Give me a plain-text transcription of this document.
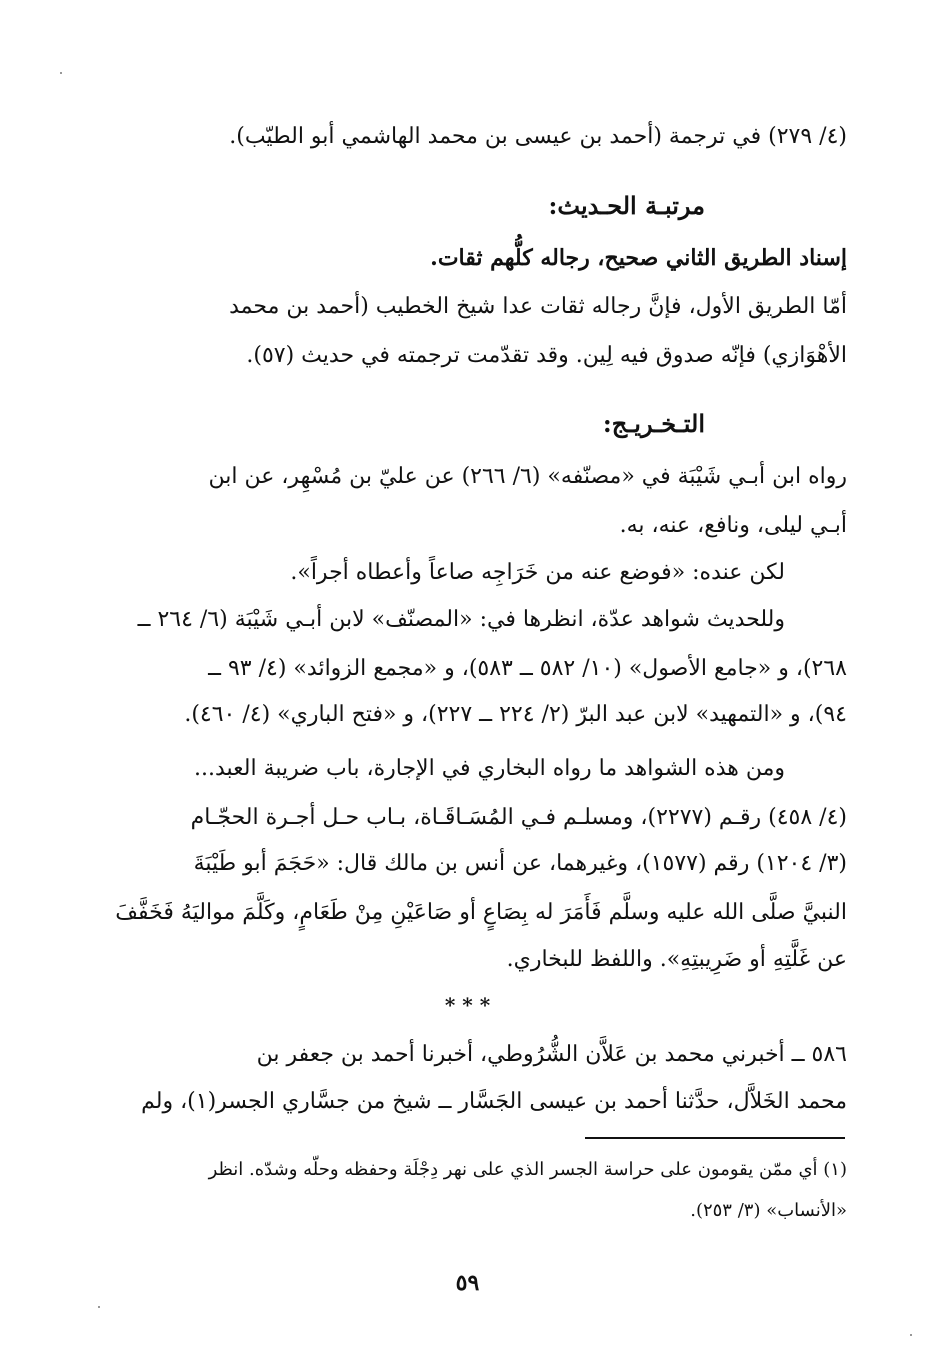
(٤/ ٢٧٩) في ترجمة (أحمد بن عيسى بن محمد الهاشمي أبو الطيّب).
مرتبـة الحـديث:
إسناد الطريق الثاني صحيح، رجاله كلُّهم ثقات.
أمّا الطريق الأول، فإنَّ رجاله ثقات عدا شيخ الخطيب (أحمد بن محمد
الأهْوَازي) فإنّه صدوق فيه لِين. وقد تقدّمت ترجمته في حديث (٥٧).
التـخـريـج:
رواه ابن أبـي شَيْبَة في «مصنّفه» (٦/ ٢٦٦) عن عليّ بن مُسْهِر، عن ابن
أبـي ليلى، ونافع، عنه، به.
لكن عنده: «فوضع عنه من خَرَاجِه صاعاً وأعطاه أجراً».
وللحديث شواهد عدّة، انظرها في: «المصنّف» لابن أبـي شَيْبَة (٦/ ٢٦٤ ــ
٢٦٨)، و «جامع الأصول» (١٠/ ٥٨٢ ــ ٥٨٣)، و «مجمع الزوائد» (٤/ ٩٣ ــ
٩٤)، و «التمهيد» لابن عبد البرّ (٢/ ٢٢٤ ــ ٢٢٧)، و «فتح الباري» (٤/ ٤٦٠).
ومن هذه الشواهد ما رواه البخاري في الإجارة، باب ضريبة العبد...
(٤/ ٤٥٨) رقـم (٢٢٧٧)، ومسلـم فـي المُسَـاقَـاة، بـاب حـل أجـرة الحجّـام
(٣/ ١٢٠٤) رقم (١٥٧٧)، وغيرهما، عن أنس بن مالك قال: «حَجَمَ أبو طَيْبَةَ
النبيَّ صلَّى الله عليه وسلَّم فَأَمَرَ له بِصَاعٍ أو صَاعَيْنِ مِنْ طَعَامٍ، وكَلَّمَ مواليَهُ فَخَفَّفَ
عن غَلَّتِهِ أو ضَرِيبتِهِ». واللفظ للبخاري.
* * *
٥٨٦ ــ أخبرني محمد بن عَلاَّن الشُّرُوطي، أخبرنا أحمد بن جعفر بن
محمد الخَلاَّل، حدَّثنا أحمد بن عيسى الجَسَّار ــ شيخ من جسَّاري الجسر(١)، ولم
(١) أي ممّن يقومون على حراسة الجسر الذي على نهر دِجْلَة وحفظه وحلّه وشدّه. انظر
«الأنساب» (٣/ ٢٥٣).
٥٩
